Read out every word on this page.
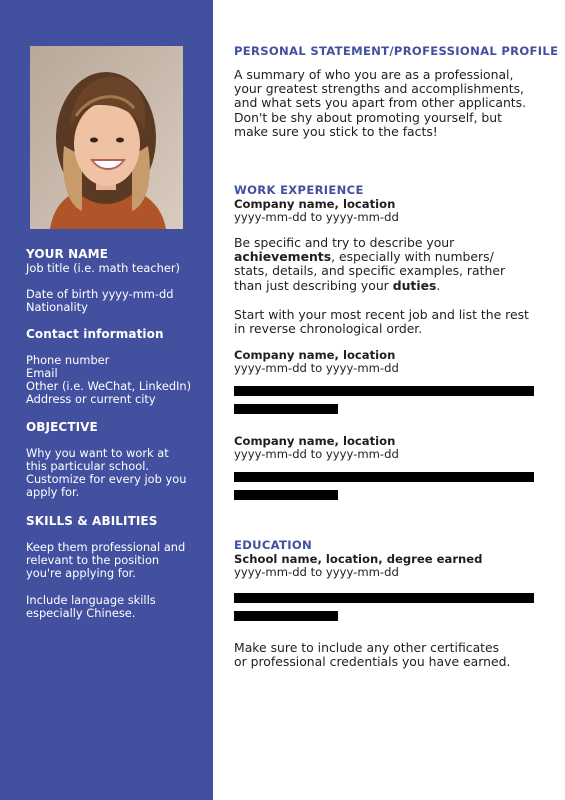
YOUR NAME

Job title (i.e. math teacher)

Date of birth yyyy-mm-dd

Nationality

Contact information

Phone number

Email

Other (i.e. WeChat, LinkedIn)

Address or current city

OBJECTIVE

Why you want to work at

this particular school.

Customize for every job you

apply for.

SKILLS & ABILITIES

Keep them professional and

relevant to the position

you're applying for.

Include language skills

especially Chinese.

PERSONAL STATEMENT/PROFESSIONAL PROFILE

A summary of who you are as a professional,

your greatest strengths and accomplishments,

and what sets you apart from other applicants.

Don't be shy about promoting yourself, but

make sure you stick to the facts!

WORK EXPERIENCE
Company name, location
yyyy-mm-dd to yyyy-mm-dd

Be specific and try to describe your

achievements, especially with numbers/

stats, details, and specific examples, rather

than just describing your duties.

Start with your most recent job and list the rest

in reverse chronological order.

Company name, location
yyyy-mm-dd to yyyy-mm-dd
Company name, location
yyyy-mm-dd to yyyy-mm-dd
EDUCATION
School name, location, degree earned
yyyy-mm-dd to yyyy-mm-dd

Make sure to include any other certificates

or professional credentials you have earned.
